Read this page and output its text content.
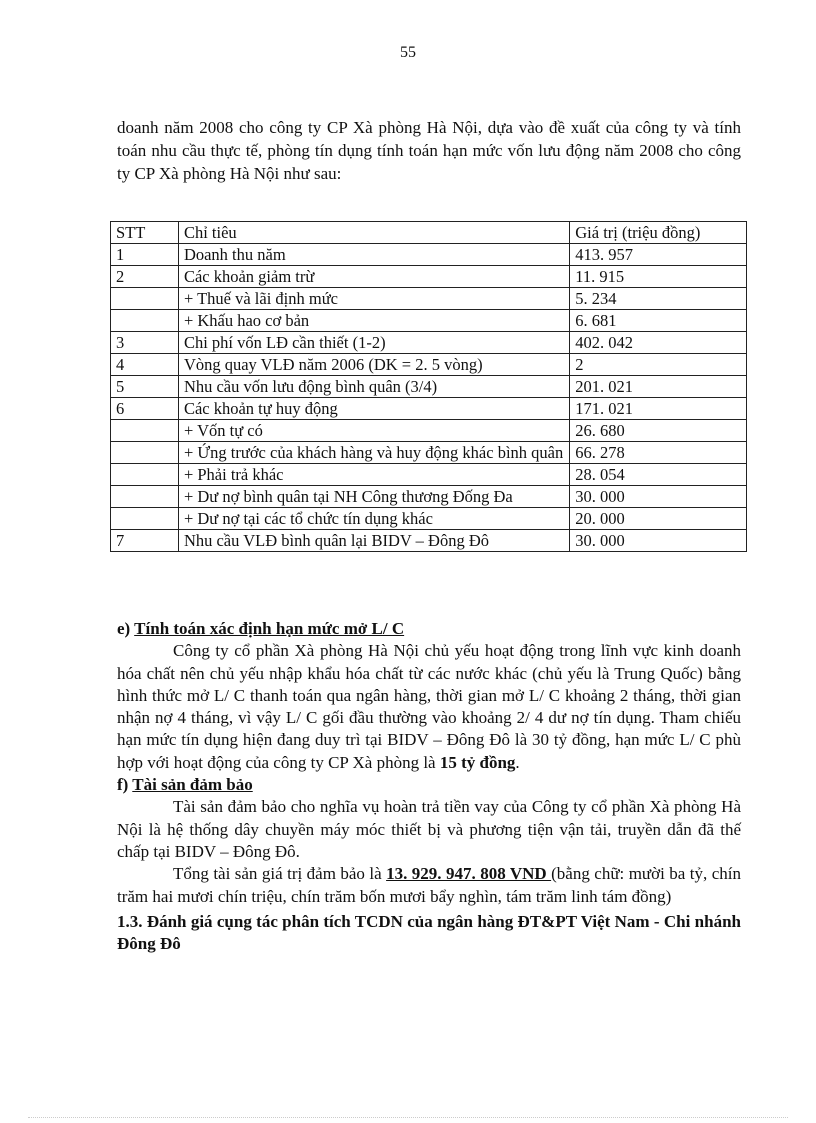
55

doanh năm 2008 cho công ty CP Xà phòng Hà Nội, dựa vào đề xuất của công ty và tính toán nhu cầu thực tế, phòng tín dụng tính toán hạn mức vốn lưu động năm 2008 cho công ty CP Xà phòng Hà Nội như sau:

STT	Chỉ tiêu	Giá trị (triệu đồng)
1	Doanh thu năm	413. 957
2	Các khoản giảm trừ	11. 915
	+ Thuế và lãi định mức	5. 234
	+ Khấu hao cơ bản	6. 681
3	Chi phí vốn LĐ cần thiết (1-2)	402. 042
4	Vòng quay VLĐ năm 2006 (DK = 2. 5 vòng)	2
5	Nhu cầu vốn lưu động bình quân (3/4)	201. 021
6	Các khoản tự huy động	171. 021
	+ Vốn tự có	26. 680
	+ Ứng trước của khách hàng và huy động khác bình quân	66. 278
	+ Phải trả khác	28. 054
	+ Dư nợ bình quân tại NH Công thương Đống Đa	30. 000
	+ Dư nợ tại các tổ chức tín dụng khác	20. 000
7	Nhu cầu VLĐ bình quân lại BIDV – Đông Đô	30. 000

e) Tính toán xác định hạn mức mở L/ C

Công ty cổ phần Xà phòng Hà Nội chủ yếu hoạt động trong lĩnh vực kinh doanh hóa chất nên chủ yếu nhập khẩu hóa chất từ các nước khác (chủ yếu là Trung Quốc) bằng hình thức mở L/ C thanh toán qua ngân hàng, thời gian mở L/ C khoảng 2 tháng, thời gian nhận nợ 4 tháng, vì vậy L/ C gối đầu thường vào khoảng 2/ 4 dư nợ tín dụng. Tham chiếu hạn mức tín dụng hiện đang duy trì tại BIDV – Đông Đô là 30 tỷ đồng, hạn mức L/ C phù hợp với hoạt động của công ty CP Xà phòng là 15 tỷ đồng.

f) Tài sản đảm bảo

Tài sản đảm bảo cho nghĩa vụ hoàn trả tiền vay của Công ty cổ phần Xà phòng Hà Nội là hệ thống dây chuyền máy móc thiết bị và phương tiện vận tải, truyền dẫn đã thế chấp tại BIDV – Đông Đô.

Tổng tài sản giá trị đảm bảo là 13. 929. 947. 808 VND (bằng chữ: mười ba tỷ, chín trăm hai mươi chín triệu, chín trăm bốn mươi bẩy nghìn, tám trăm linh tám đồng)

1.3. Đánh giá cụng tác phân tích TCDN của ngân hàng ĐT&PT Việt Nam - Chi nhánh Đông Đô
